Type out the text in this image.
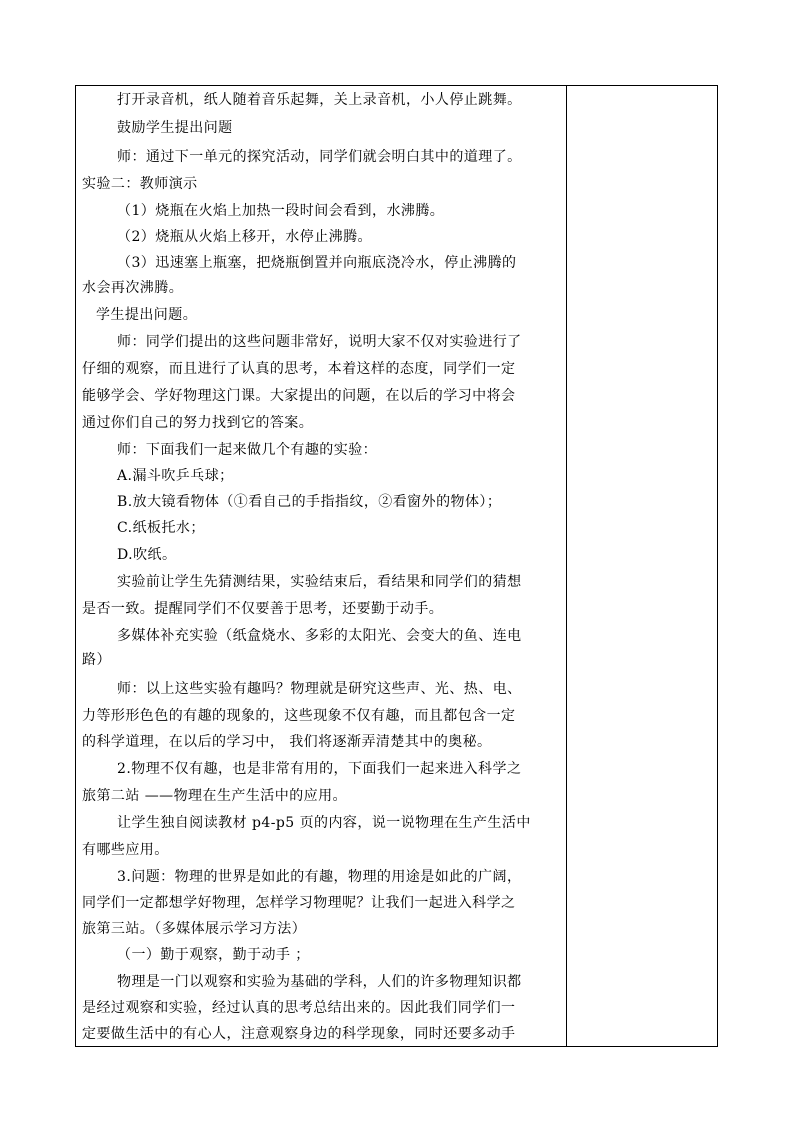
打开录音机，纸人随着音乐起舞，关上录音机，小人停止跳舞。
鼓励学生提出问题
师：通过下一单元的探究活动，同学们就会明白其中的道理了。
实验二：教师演示
（1）烧瓶在火焰上加热一段时间会看到，水沸腾。
（2）烧瓶从火焰上移开，水停止沸腾。
（3）迅速塞上瓶塞，把烧瓶倒置并向瓶底浇冷水，停止沸腾的
水会再次沸腾。
学生提出问题。
师：同学们提出的这些问题非常好，说明大家不仅对实验进行了
仔细的观察，而且进行了认真的思考，本着这样的态度，同学们一定
能够学会、学好物理这门课。大家提出的问题，在以后的学习中将会
通过你们自己的努力找到它的答案。
师：下面我们一起来做几个有趣的实验：
A.漏斗吹乒乓球；
B.放大镜看物体（①看自己的手指指纹，②看窗外的物体）；
C.纸板托水；
D.吹纸。
实验前让学生先猜测结果，实验结束后，看结果和同学们的猜想
是否一致。提醒同学们不仅要善于思考，还要勤于动手。
多媒体补充实验（纸盒烧水、多彩的太阳光、会变大的鱼、连电
路）
师：以上这些实验有趣吗？物理就是研究这些声、光、热、电、
力等形形色色的有趣的现象的，这些现象不仅有趣，而且都包含一定
的科学道理，在以后的学习中， 我们将逐渐弄清楚其中的奥秘。
2.物理不仅有趣，也是非常有用的，下面我们一起来进入科学之
旅第二站 ——物理在生产生活中的应用。
让学生独自阅读教材 p4-p5 页的内容，说一说物理在生产生活中
有哪些应用。
3.问题：物理的世界是如此的有趣，物理的用途是如此的广阔，
同学们一定都想学好物理，怎样学习物理呢？让我们一起进入科学之
旅第三站。（多媒体展示学习方法）
（一）勤于观察，勤于动手 ；
物理是一门以观察和实验为基础的学科，人们的许多物理知识都
是经过观察和实验，经过认真的思考总结出来的。因此我们同学们一
定要做生活中的有心人，注意观察身边的科学现象，同时还要多动手
